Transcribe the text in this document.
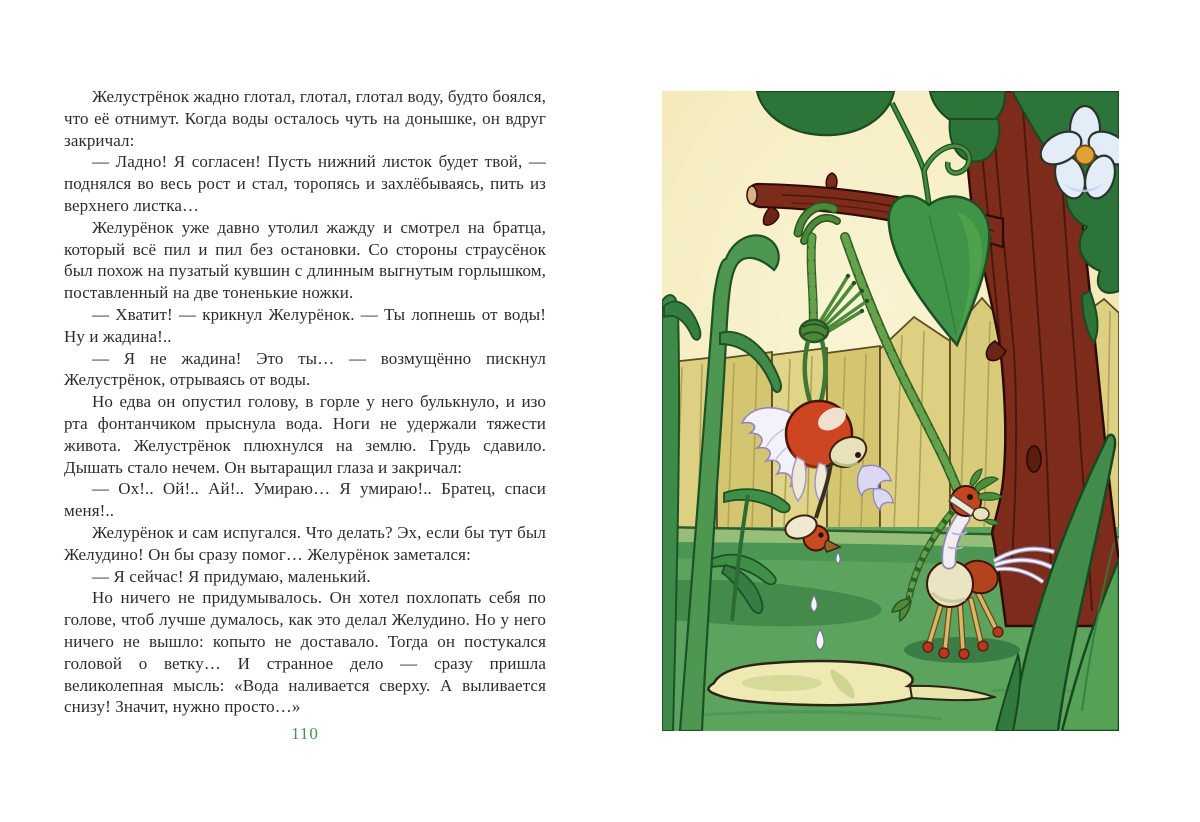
Желустрёнок жадно глотал, глотал, глотал воду, будто боялся, что её отнимут. Когда воды осталось чуть на донышке, он вдруг закричал:

— Ладно! Я согласен! Пусть нижний листок будет твой, — поднялся во весь рост и стал, торопясь и захлёбываясь, пить из верхнего листка…

Желурёнок уже давно утолил жажду и смотрел на братца, который всё пил и пил без остановки. Со стороны страусёнок был похож на пузатый кувшин с длинным выгнутым горлышком, поставленный на две тоненькие ножки.

— Хватит! — крикнул Желурёнок. — Ты лопнешь от воды! Ну и жадина!..

— Я не жадина! Это ты… — возмущённо пискнул Желустрёнок, отрываясь от воды.

Но едва он опустил голову, в горле у него булькнуло, и изо рта фонтанчиком прыснула вода. Ноги не удержали тяжести живота. Желустрёнок плюхнулся на землю. Грудь сдавило. Дышать стало нечем. Он вытаращил глаза и закричал:

— Ох!.. Ой!.. Ай!.. Умираю… Я умираю!.. Братец, спаси меня!..

Желурёнок и сам испугался. Что делать? Эх, если бы тут был Желудино! Он бы сразу помог… Желурёнок заметался:

— Я сейчас! Я придумаю, маленький.

Но ничего не придумывалось. Он хотел похлопать себя по голове, чтоб лучше думалось, как это делал Желудино. Но у него ничего не вышло: копыто не доставало. Тогда он постукался головой о ветку… И странное дело — сразу пришла великолепная мысль: «Вода наливается сверху. А выливается снизу! Значит, нужно просто…»

110
